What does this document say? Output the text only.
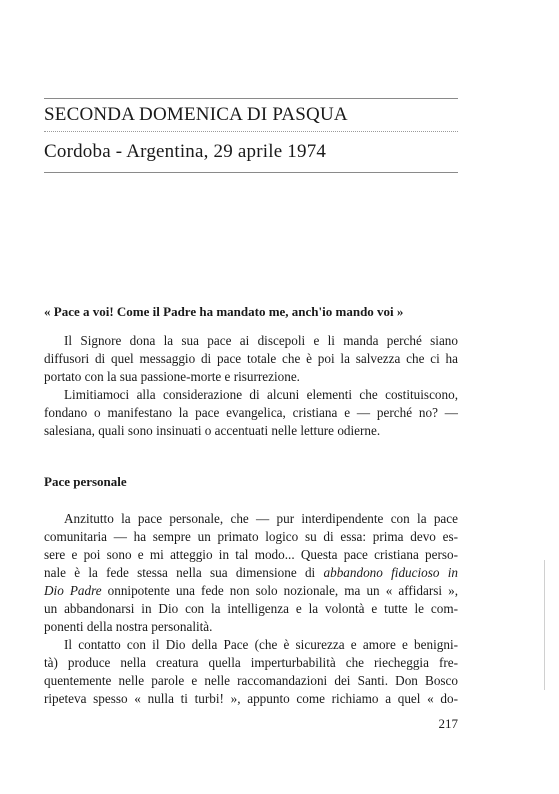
SECONDA DOMENICA DI PASQUA
Cordoba - Argentina, 29 aprile 1974
« Pace a voi! Come il Padre ha mandato me, anch'io mando voi »
Il Signore dona la sua pace ai discepoli e li manda perché siano
diffusori di quel messaggio di pace totale che è poi la salvezza che ci ha
portato con la sua passione-morte e risurrezione.
Limitiamoci alla considerazione di alcuni elementi che costituiscono,
fondano o manifestano la pace evangelica, cristiana e — perché no? —
salesiana, quali sono insinuati o accentuati nelle letture odierne.
Pace personale
Anzitutto la pace personale, che — pur interdipendente con la pace
comunitaria — ha sempre un primato logico su di essa: prima devo es-
sere e poi sono e mi atteggio in tal modo... Questa pace cristiana perso-
nale è la fede stessa nella sua dimensione di abbandono fiducioso in
Dio Padre onnipotente una fede non solo nozionale, ma un « affidarsi »,
un abbandonarsi in Dio con la intelligenza e la volontà e tutte le com-
ponenti della nostra personalità.
Il contatto con il Dio della Pace (che è sicurezza e amore e benigni-
tà) produce nella creatura quella imperturbabilità che riecheggia fre-
quentemente nelle parole e nelle raccomandazioni dei Santi. Don Bosco
ripeteva spesso « nulla ti turbi! », appunto come richiamo a quel « do-
217
